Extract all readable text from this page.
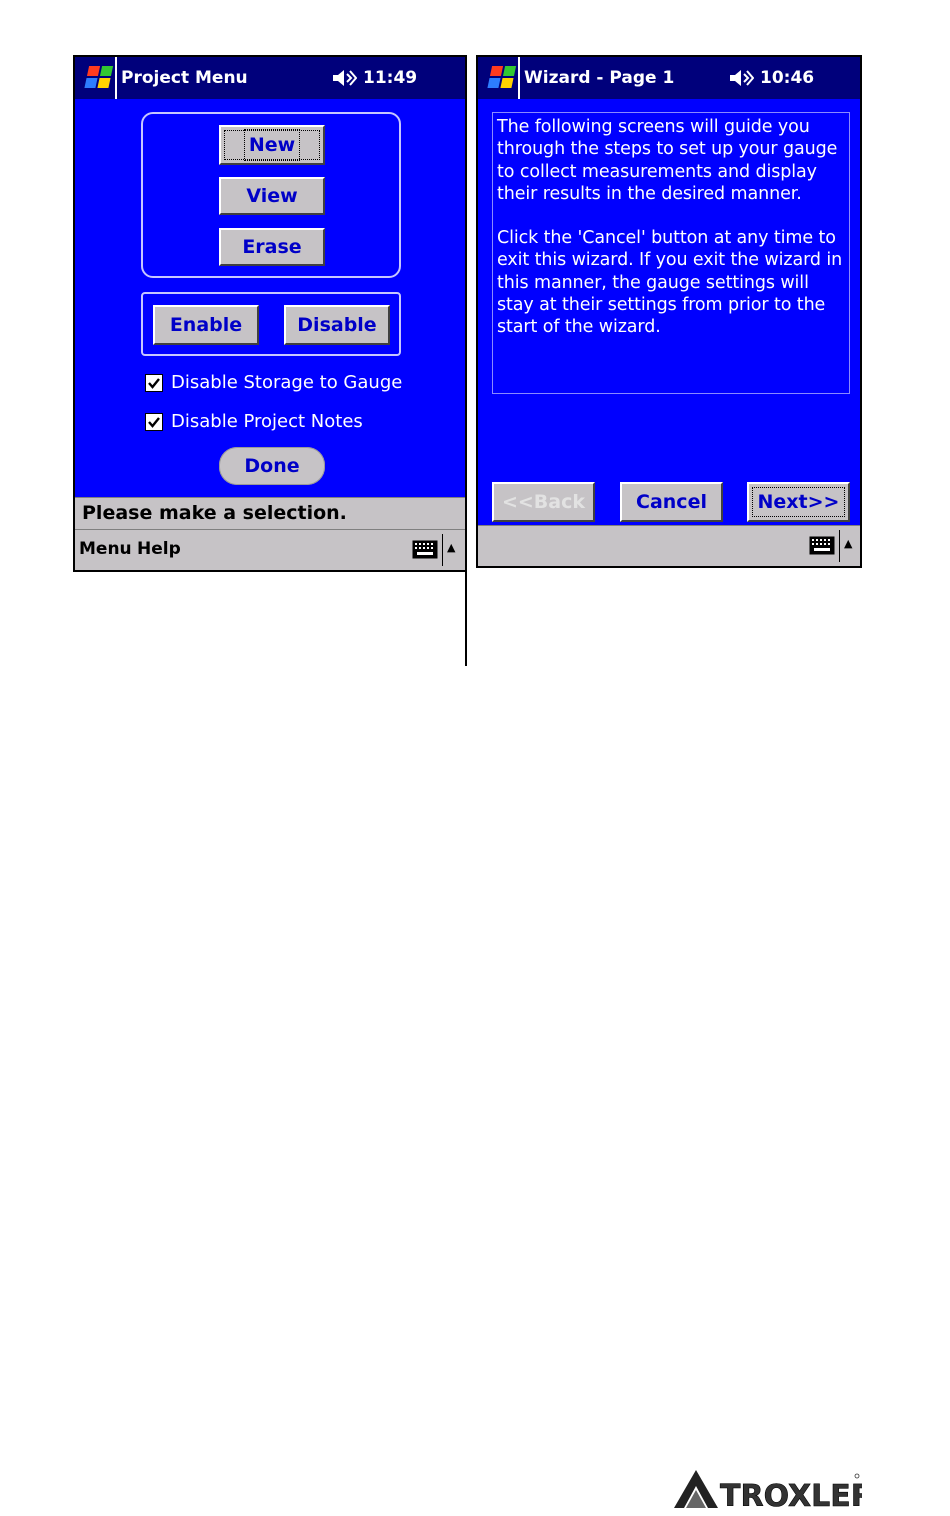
Project Menu	11:49
New
View
Erase
Enable	Disable
Disable Storage to Gauge
Disable Project Notes
Done
Please make a selection.
Menu Help	▲
Wizard - Page 1	10:46

The following screens will guide you through the steps to set up your gauge to collect measurements and display their results in the desired manner.

Click the 'Cancel' button at any time to exit this wizard. If you exit the wizard in this manner, the gauge settings will stay at their settings from prior to the start of the wizard.

<<Back	Cancel	Next>>
▲
TROXLER
